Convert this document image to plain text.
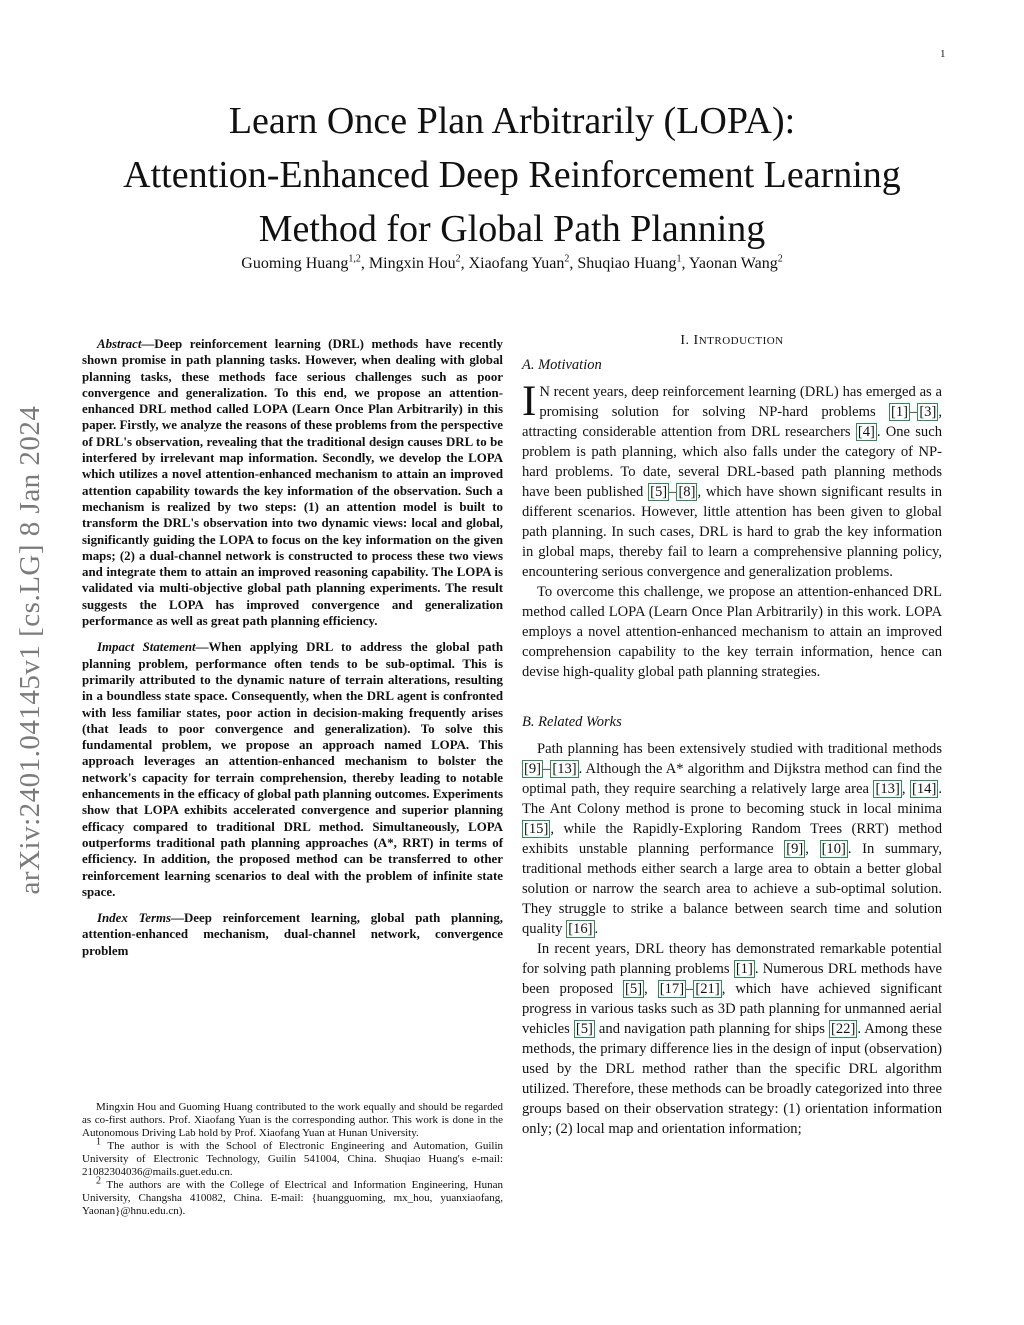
1
arXiv:2401.04145v1 [cs.LG] 8 Jan 2024
Learn Once Plan Arbitrarily (LOPA):
Attention-Enhanced Deep Reinforcement Learning
Method for Global Path Planning
Guoming Huang$^{1,2}$, Mingxin Hou$^2$, Xiaofang Yuan$^2$, Shuqiao Huang$^1$, Yaonan Wang$^2$

Abstract—Deep reinforcement learning (DRL) methods have recently shown promise in path planning tasks. However, when dealing with global planning tasks, these methods face serious challenges such as poor convergence and generalization. To this end, we propose an attention-enhanced DRL method called LOPA (Learn Once Plan Arbitrarily) in this paper. Firstly, we analyze the reasons of these problems from the perspective of DRL's observation, revealing that the traditional design causes DRL to be interfered by irrelevant map information. Secondly, we develop the LOPA which utilizes a novel attention-enhanced mechanism to attain an improved attention capability towards the key information of the observation. Such a mechanism is realized by two steps: (1) an attention model is built to transform the DRL's observation into two dynamic views: local and global, significantly guiding the LOPA to focus on the key information on the given maps; (2) a dual-channel network is constructed to process these two views and integrate them to attain an improved reasoning capability. The LOPA is validated via multi-objective global path planning experiments. The result suggests the LOPA has improved convergence and generalization performance as well as great path planning efficiency.

Impact Statement—When applying DRL to address the global path planning problem, performance often tends to be sub-optimal. This is primarily attributed to the dynamic nature of terrain alterations, resulting in a boundless state space. Consequently, when the DRL agent is confronted with less familiar states, poor action in decision-making frequently arises (that leads to poor convergence and generalization). To solve this fundamental problem, we propose an approach named LOPA. This approach leverages an attention-enhanced mechanism to bolster the network's capacity for terrain comprehension, thereby leading to notable enhancements in the efficacy of global path planning outcomes. Experiments show that LOPA exhibits accelerated convergence and superior planning efficacy compared to traditional DRL method. Simultaneously, LOPA outperforms traditional path planning approaches (A*, RRT) in terms of efficiency. In addition, the proposed method can be transferred to other reinforcement learning scenarios to deal with the problem of infinite state space.

Index Terms—Deep reinforcement learning, global path planning, attention-enhanced mechanism, dual-channel network, convergence problem

Mingxin Hou and Guoming Huang contributed to the work equally and should be regarded as co-first authors. Prof. Xiaofang Yuan is the corresponding author. This work is done in the Autonomous Driving Lab hold by Prof. Xiaofang Yuan at Hunan University.

$^1$ The author is with the School of Electronic Engineering and Automation, Guilin University of Electronic Technology, Guilin 541004, China. Shuqiao Huang's e-mail: 21082304036@mails.guet.edu.cn.

$^2$ The authors are with the College of Electrical and Information Engineering, Hunan University, Changsha 410082, China. E-mail: {huangguoming, mx_hou, yuanxiaofang, Yaonan}@hnu.edu.cn).

I. INTRODUCTION
A. Motivation

I N recent years, deep reinforcement learning (DRL) has emerged as a promising solution for solving NP-hard problems [1] – [3] , attracting considerable attention from DRL researchers [4] . One such problem is path planning, which also falls under the category of NP-hard problems. To date, several DRL-based path planning methods have been published [5] – [8] , which have shown significant results in different scenarios. However, little attention has been given to global path planning. In such cases, DRL is hard to grab the key information in global maps, thereby fail to learn a comprehensive planning policy, encountering serious convergence and generalization problems.

To overcome this challenge, we propose an attention-enhanced DRL method called LOPA (Learn Once Plan Arbitrarily) in this work. LOPA employs a novel attention-enhanced mechanism to attain an improved comprehension capability to the key terrain information, hence can devise high-quality global path planning strategies.

B. Related Works

Path planning has been extensively studied with traditional methods [9] – [13] . Although the A* algorithm and Dijkstra method can find the optimal path, they require searching a relatively large area [13] , [14] . The Ant Colony method is prone to becoming stuck in local minima [15] , while the Rapidly-Exploring Random Trees (RRT) method exhibits unstable planning performance [9] , [10] . In summary, traditional methods either search a large area to obtain a better global solution or narrow the search area to achieve a sub-optimal solution. They struggle to strike a balance between search time and solution quality [16] .

In recent years, DRL theory has demonstrated remarkable potential for solving path planning problems [1] . Numerous DRL methods have been proposed [5] , [17] – [21] , which have achieved significant progress in various tasks such as 3D path planning for unmanned aerial vehicles [5] and navigation path planning for ships [22] . Among these methods, the primary difference lies in the design of input (observation) used by the DRL method rather than the specific DRL algorithm utilized. Therefore, these methods can be broadly categorized into three groups based on their observation strategy: (1) orientation information only; (2) local map and orientation information;
